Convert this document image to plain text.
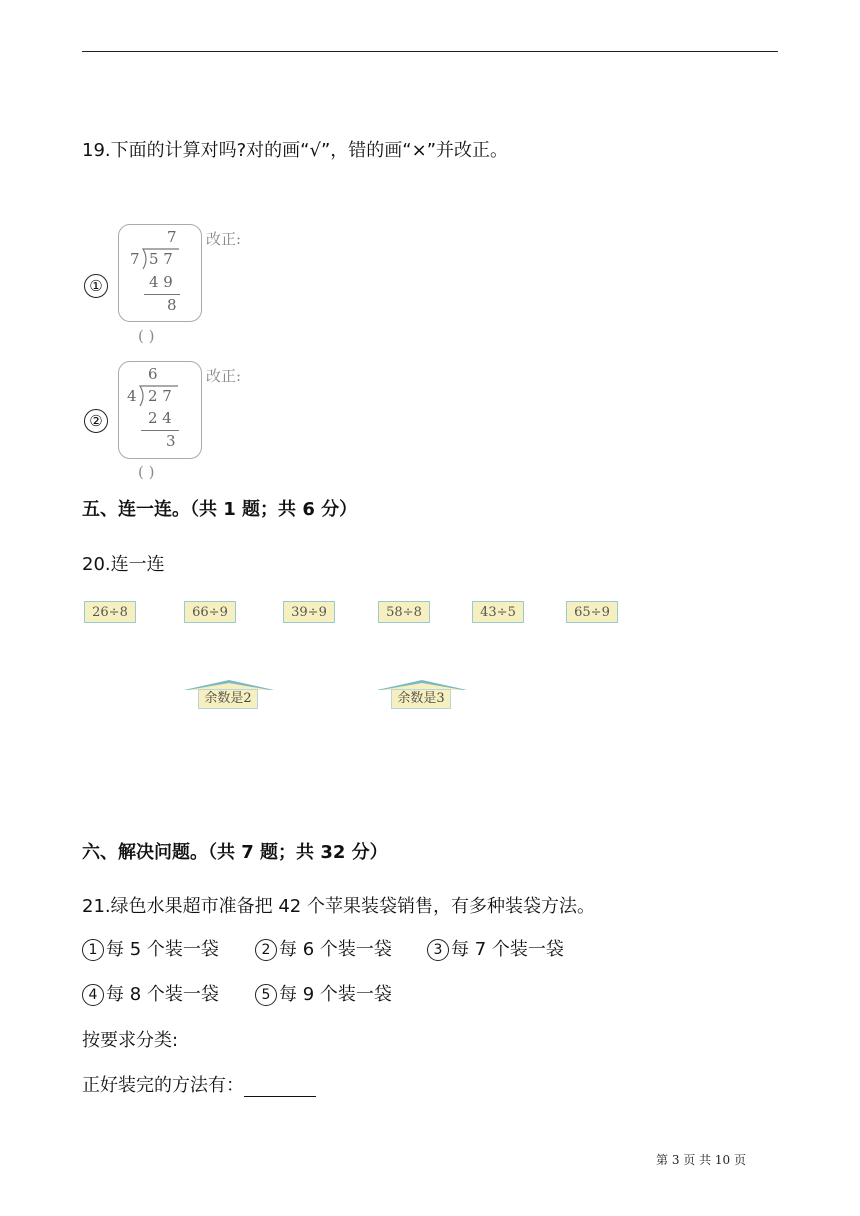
19.下面的计算对吗?对的画“√”，错的画“×”并改正。
①
7
7 5 7
4 9
8
( )
改正:
②
6
4 2 7
2 4
3
( )
改正:
五、连一连。（共 1 题；共 6 分）
20.连一连
26÷8	66÷9	39÷9	58÷8	43÷5	65÷9
余数是2	余数是3
六、解决问题。（共 7 题；共 32 分）
21.绿色水果超市准备把 42 个苹果装袋销售，有多种装袋方法。
1 每 5 个装一袋	2 每 6 个装一袋	3 每 7 个装一袋
4 每 8 个装一袋	5 每 9 个装一袋
按要求分类:
正好装完的方法有：
第 3 页 共 10 页
